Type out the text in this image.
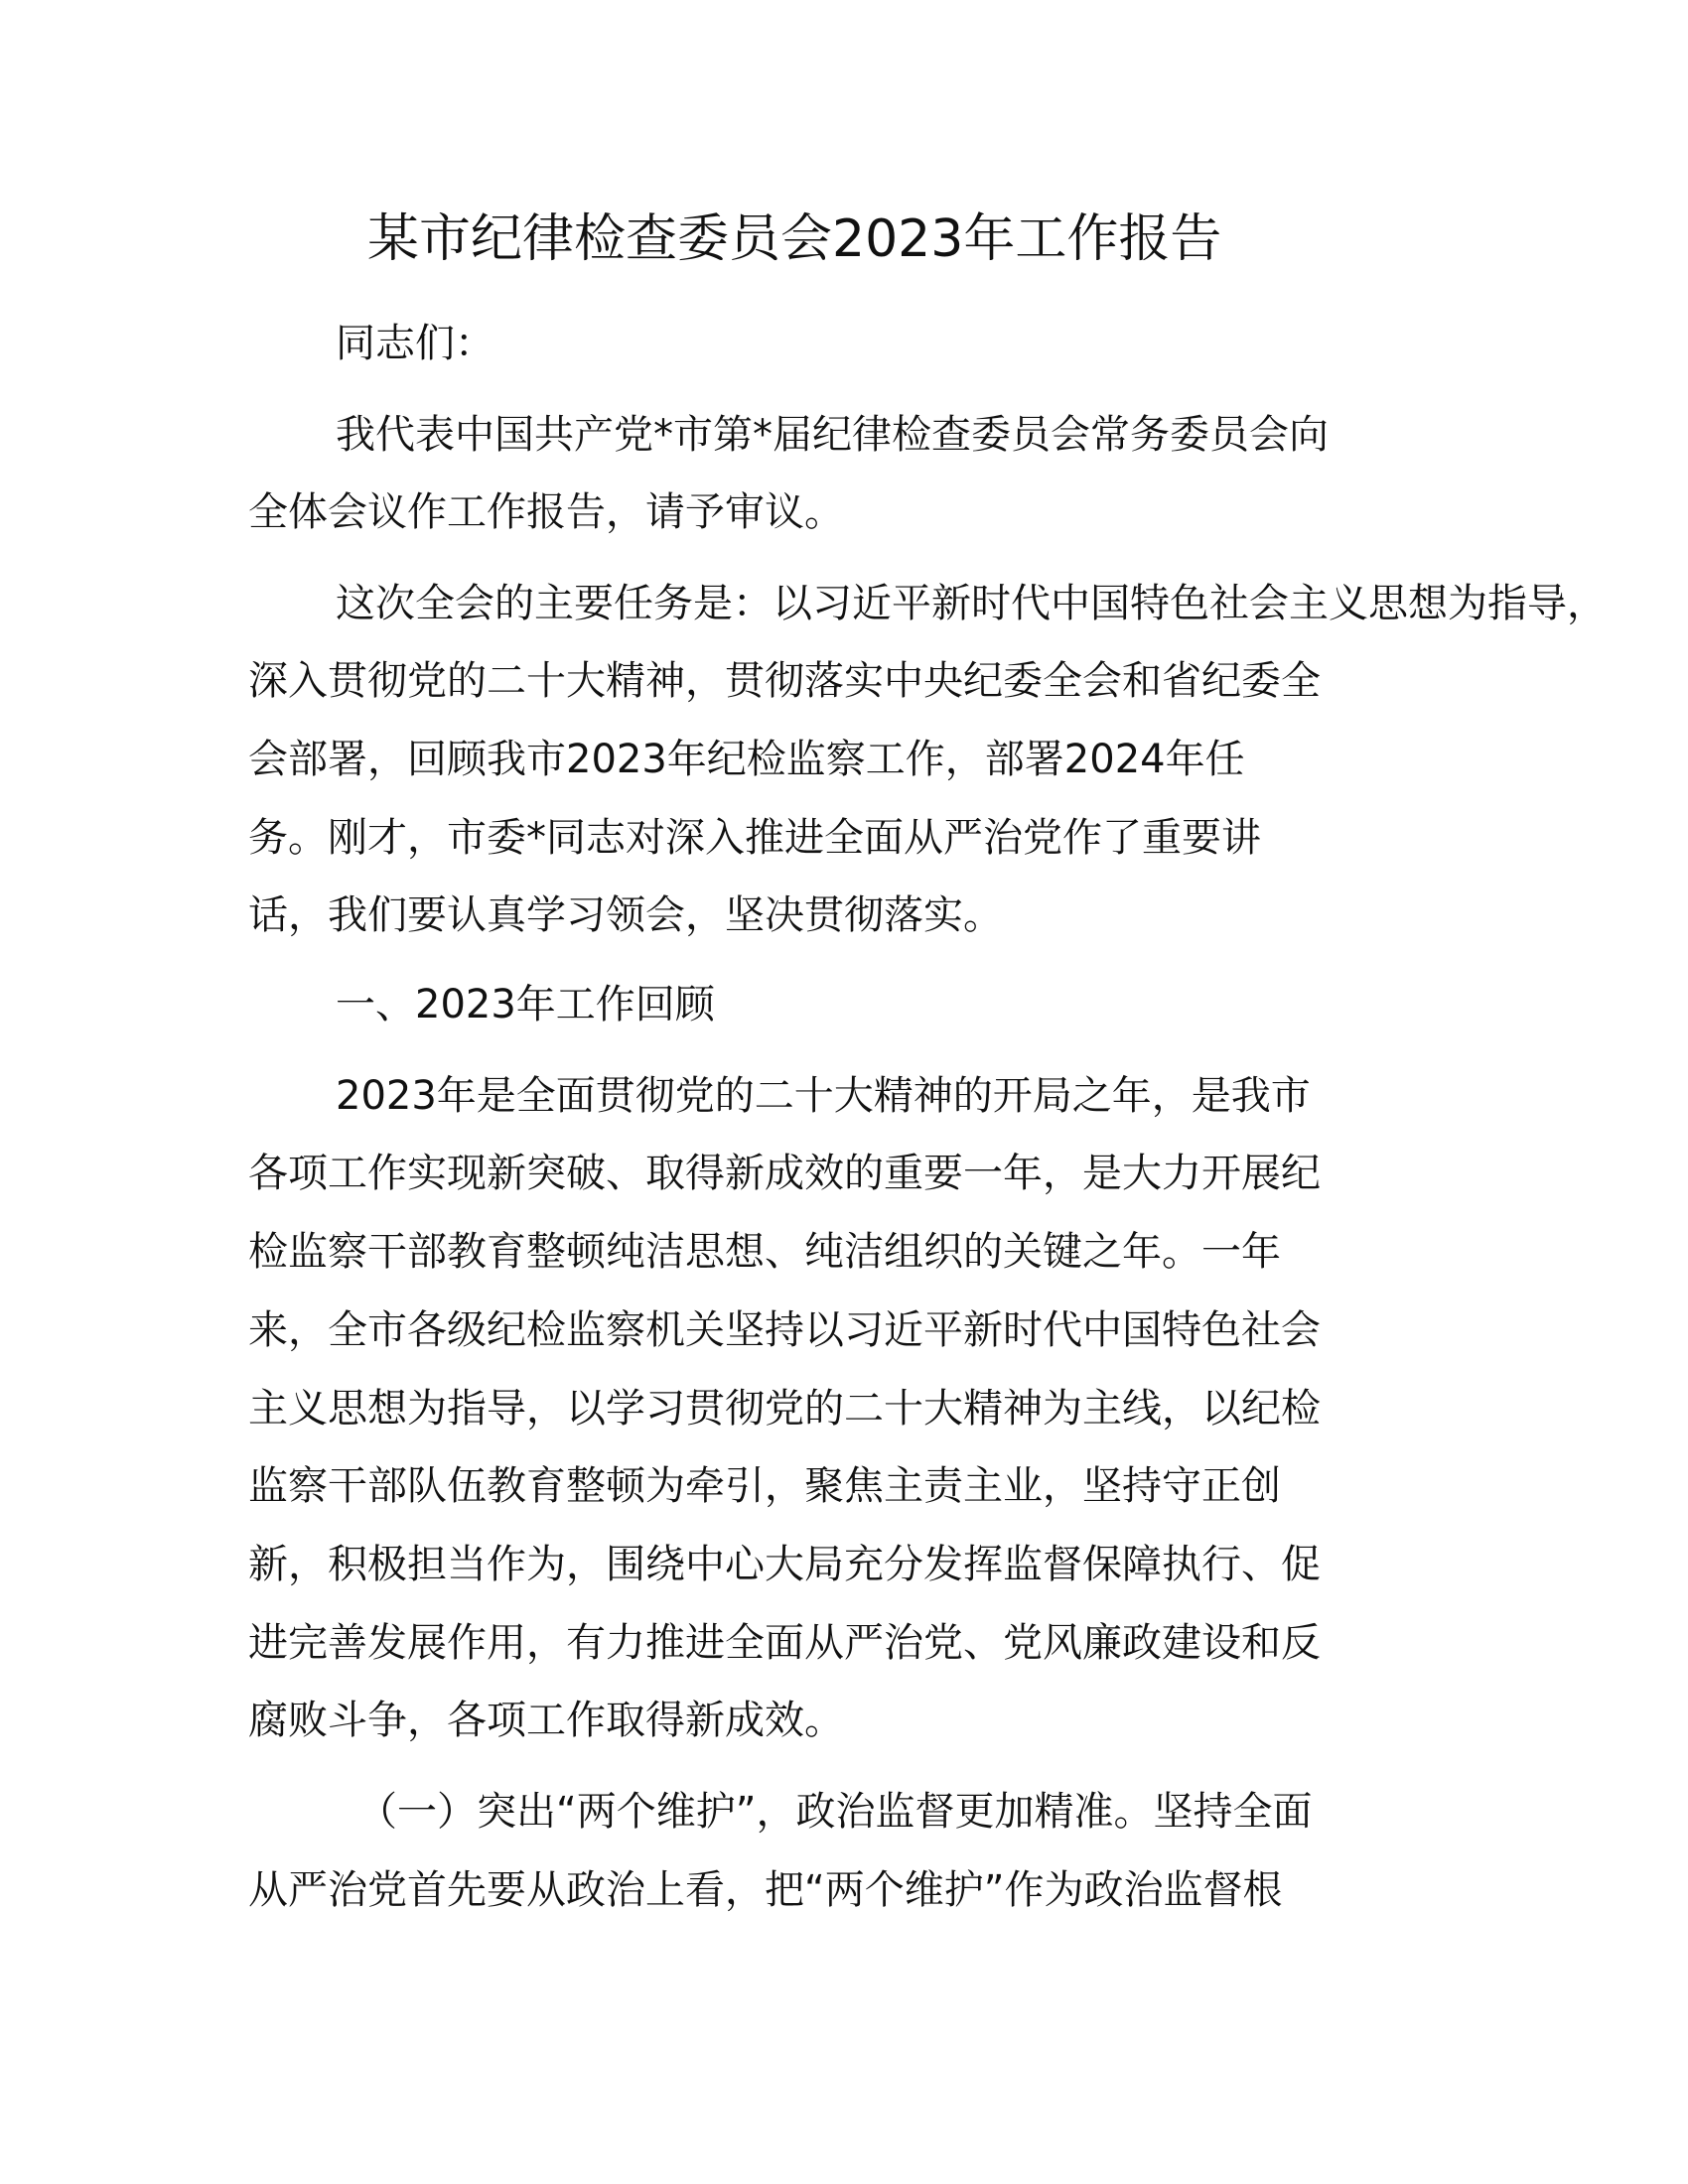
某市纪律检查委员会2023年工作报告
同志们：
我代表中国共产党*市第*届纪律检查委员会常务委员会向
全体会议作工作报告，请予审议。
这次全会的主要任务是：以习近平新时代中国特色社会主义思想为指导，
深入贯彻党的二十大精神，贯彻落实中央纪委全会和省纪委全
会部署，回顾我市2023年纪检监察工作，部署2024年任
务。刚才，市委*同志对深入推进全面从严治党作了重要讲
话，我们要认真学习领会，坚决贯彻落实。
一、2023年工作回顾
2023年是全面贯彻党的二十大精神的开局之年，是我市
各项工作实现新突破、取得新成效的重要一年，是大力开展纪
检监察干部教育整顿纯洁思想、纯洁组织的关键之年。一年
来，全市各级纪检监察机关坚持以习近平新时代中国特色社会
主义思想为指导，以学习贯彻党的二十大精神为主线，以纪检
监察干部队伍教育整顿为牵引，聚焦主责主业，坚持守正创
新，积极担当作为，围绕中心大局充分发挥监督保障执行、促
进完善发展作用，有力推进全面从严治党、党风廉政建设和反
腐败斗争，各项工作取得新成效。
（一）突出“两个维护”，政治监督更加精准。坚持全面
从严治党首先要从政治上看，把“两个维护”作为政治监督根
